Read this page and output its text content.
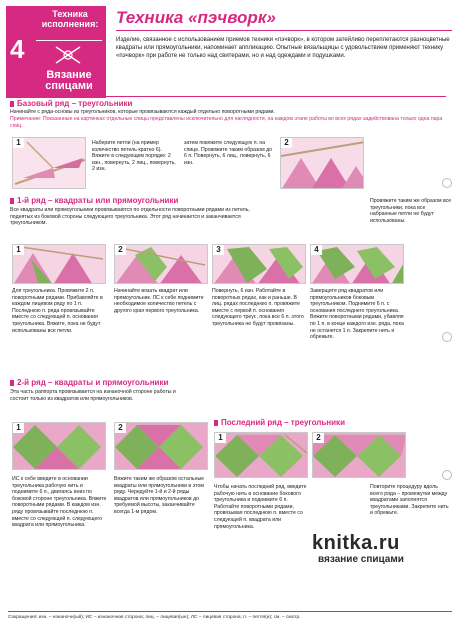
Техника исполнения:
4
Вязание спицами
Техника «пэчворк»
Изделие, связанное с использованием приемов техники «пэчворк», в котором затейливо переплетаются разноцветные квадраты или прямоугольники, напоминает аппликацию. Опытные вязальщицы с удовольствием применяют технику «пэчворк» при работе не только над свитерами, но и над одеждами и подушками.
Базовый ряд – треугольники
Начинайте с ряда-основы из треугольников, которые провязываются каждый отдельно поворотными рядами.
Примечание: Показанные на картинках отдельные спицы представлены исключительно для наглядности, на каждом этапе работы во всех рядах задействована только одна пара спиц.
1	Наберите петли (на пример количество петель кратно 6). Вяжите в следующем порядке: 2 изн., повернуть, 2 лиц., повернуть, 2 изн.
затем повяжите следующую п. на спице. Провяжите таким образом до 6 п. Повернуть, 6 лиц., повернуть, 6 изн.
2
Провяжите таким же образом все треугольники, пока все набранные петли не будут использованы.
1-й ряд – квадраты или прямоугольники
Все квадраты или прямоугольники провязываются по отдельности поворотными рядами из петель, поднятых из боковой стороны следующего треугольника. Этот ряд начинается и заканчивается треугольником.
1	2	3	4
Для треугольника. Провяжите 2 п. поворотными рядами. Прибавляйте в каждом лицевом ряду по 1 п. Последнюю п. ряда провязывайте вместе со следующей п. основания треугольника. Вяжите, пока не будут использованы все петли.
Начинайте вязать квадрат или прямоугольник. ЛС к себе поднимите необходимое количество петель с другого края первого треугольника.
Повернуть, 6 изн. Работайте в поворотных рядах, как и раньше. В лиц. рядах последнюю п. провяжите вместе с первой п. основания следующего треуг., пока все 6 п. этого треугольника не будут провязаны.
Заверщите ряд квадратов или прямоугольников боковым треугольником. Поднимите 6 п. с основания последнего треугольника. Вяжите поворотными рядами, убавляя по 1 п. в конце каждого изн. ряда, пока не останется 1 п. Закрепите нить и обрежьте.
2-й ряд – квадраты и прямоугольники
Эта часть раппорта провязывается на изнаночной стороне работы и состоит только из квадратов или прямоугольников.
Последний ряд – треугольники
1	2
1	2
ИС к себе введите в основании треугольника рабочую нить и поднимите 6 п., двигаясь вниз по боковой стороне треугольника. Вяжите поворотными рядами. В каждом изн. ряду провязывайте последнюю п. вместе со следующей п. следующего квадрата или прямоугольника.
Вяжите таким же образом остальные квадраты или прямоугольники в этом ряду. Чередуйте 1-й и 2-й ряды квадратов или прямоугольников до требуемой высоты, заканчивайте всегда 1-м рядом.
Чтобы начать последний ряд, введите рабочую нить в основание бокового треугольника и поднимите 6 п. Работайте поворотными рядами, провязывая последнюю п. вместе со следующей п. квадрата или прямоугольника.
Повторите процедуру вдоль всего ряда – промежутки между квадратами заполнятся треугольниками. Закрепите нить и обрежьте.
knitka.ru
вязание спицами
Сокращения: изн. – изнаночн(ый); ИС – изнаночная сторона; лиц. – лицевая(ые); ЛС – лицевая сторона; п. – петля(и); см. – смотр.
